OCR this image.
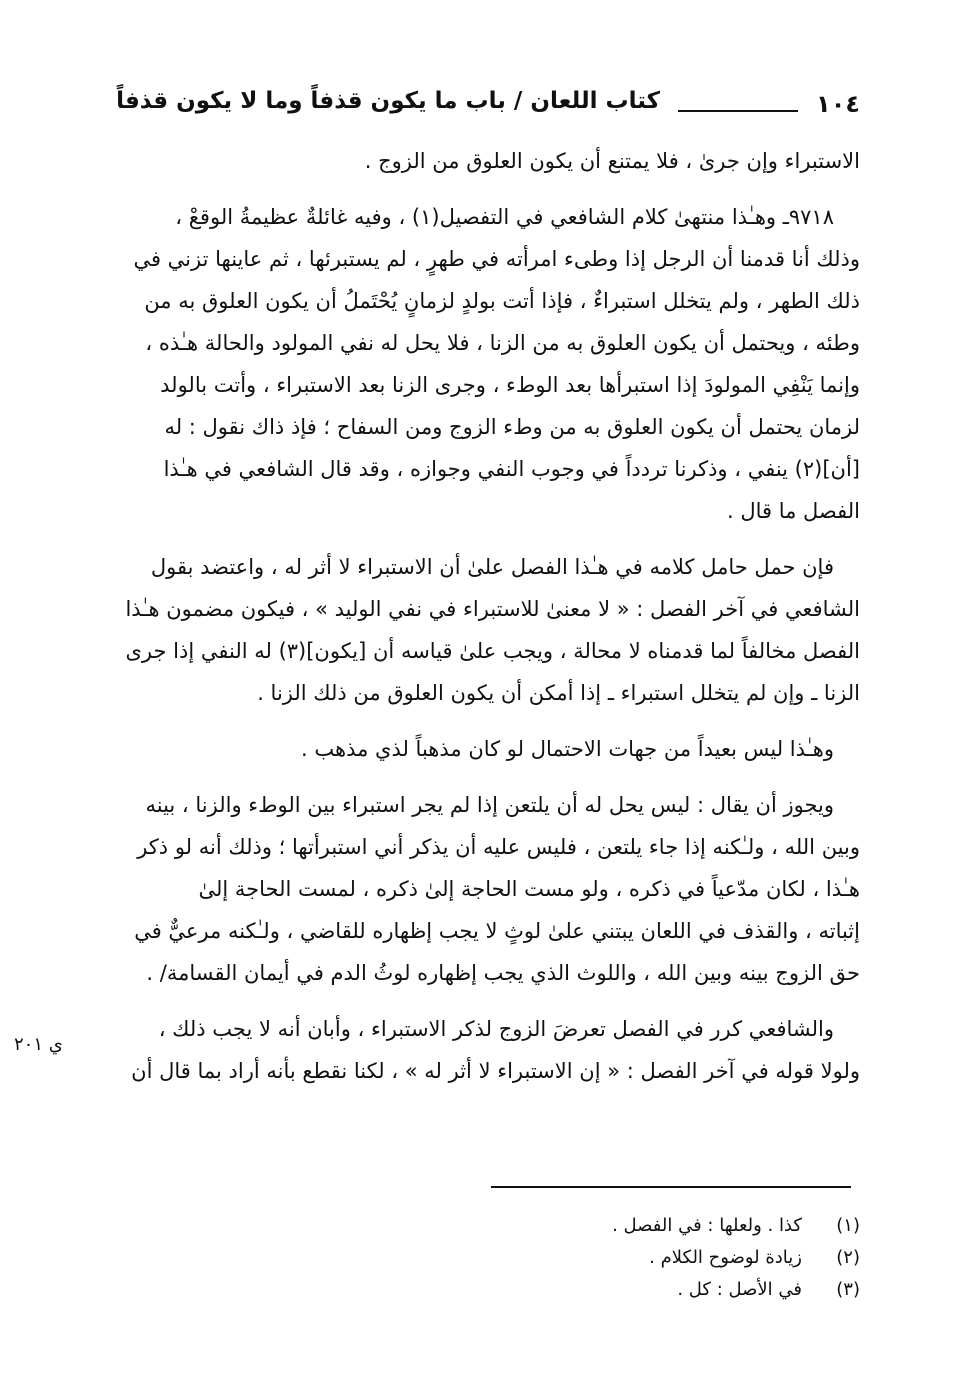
١٠٤
كتاب اللعان / باب ما يكون قذفاً وما لا يكون قذفاً

الاستبراء وإن جرىٰ ، فلا يمتنع أن يكون العلوق من الزوج .

٩٧١٨ـ وهـٰذا منتهىٰ كلام الشافعي في التفصيل(١) ، وفيه غائلةٌ عظيمةُ الوقعْ ،

وذلك أنا قدمنا أن الرجل إذا وطىء امرأته في طهرٍ ، لم يستبرئها ، ثم عاينها تزني في

ذلك الطهر ، ولم يتخلل استبراءٌ ، فإذا أتت بولدٍ لزمانٍ يُحْتَملُ أن يكون العلوق به من

وطئه ، ويحتمل أن يكون العلوق به من الزنا ، فلا يحل له نفي المولود والحالة هـٰذه ،

وإنما يَنْفِي المولودَ إذا استبرأها بعد الوطء ، وجرى الزنا بعد الاستبراء ، وأتت بالولد

لزمان يحتمل أن يكون العلوق به من وطء الزوج ومن السفاح ؛ فإذ ذاك نقول : له

[أن](٢) ينفي ، وذكرنا تردداً في وجوب النفي وجوازه ، وقد قال الشافعي في هـٰذا

الفصل ما قال .

فإن حمل حامل كلامه في هـٰذا الفصل علىٰ أن الاستبراء لا أثر له ، واعتضد بقول

الشافعي في آخر الفصل : « لا معنىٰ للاستبراء في نفي الوليد » ، فيكون مضمون هـٰذا

الفصل مخالفاً لما قدمناه لا محالة ، ويجب علىٰ قياسه أن [يكون](٣) له النفي إذا جرى

الزنا ـ وإن لم يتخلل استبراء ـ إذا أمكن أن يكون العلوق من ذلك الزنا .

وهـٰذا ليس بعيداً من جهات الاحتمال لو كان مذهباً لذي مذهب .

ويجوز أن يقال : ليس يحل له أن يلتعن إذا لم يجر استبراء بين الوطء والزنا ، بينه

وبين الله ، ولـٰكنه إذا جاء يلتعن ، فليس عليه أن يذكر أني استبرأتها ؛ وذلك أنه لو ذكر

هـٰذا ، لكان مدّعياً في ذكره ، ولو مست الحاجة إلىٰ ذكره ، لمست الحاجة إلىٰ

إثباته ، والقذف في اللعان يبتني علىٰ لوثٍ لا يجب إظهاره للقاضي ، ولـٰكنه مرعيٌّ في

حق الزوج بينه وبين الله ، واللوث الذي يجب إظهاره لوثُ الدم في أيمان القسامة/ .

والشافعي كرر في الفصل تعرضَ الزوج لذكر الاستبراء ، وأبان أنه لا يجب ذلك ،

ولولا قوله في آخر الفصل : « إن الاستبراء لا أثر له » ، لكنا نقطع بأنه أراد بما قال أن

ي ٢٠١
(١)
كذا . ولعلها : في الفصل .
(٢)
زيادة لوضوح الكلام .
(٣)
في الأصل : كل .
